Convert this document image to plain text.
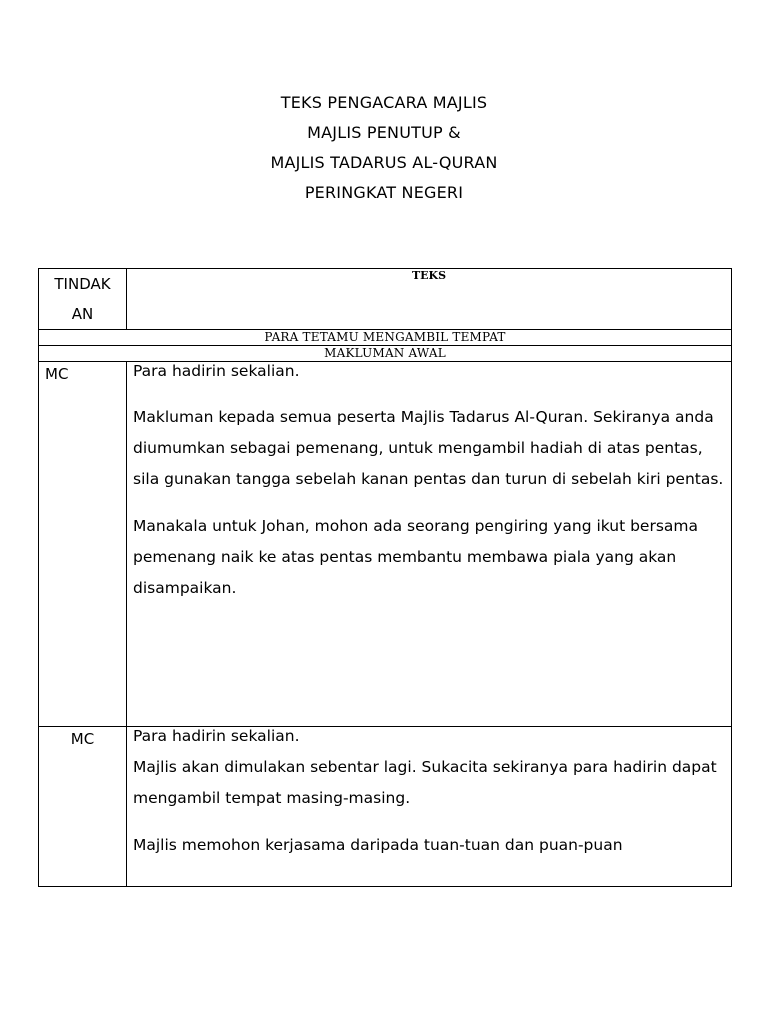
TEKS PENGACARA MAJLIS
MAJLIS PENUTUP &
MAJLIS TADARUS AL-QURAN
PERINGKAT NEGERI
TINDAK
AN	TEKS
PARA TETAMU MENGAMBIL TEMPAT	
MAKLUMAN AWAL	
MC	Para hadirin sekalian.

Makluman kepada semua peserta Majlis Tadarus Al-Quran. Sekiranya anda diumumkan sebagai pemenang, untuk mengambil hadiah di atas pentas, sila gunakan tangga sebelah kanan pentas dan turun di sebelah kiri pentas.

Manakala untuk Johan, mohon ada seorang pengiring yang ikut bersama pemenang naik ke atas pentas membantu membawa piala yang akan disampaikan.

MC	Para hadirin sekalian.

Majlis akan dimulakan sebentar lagi. Sukacita sekiranya para hadirin dapat

mengambil tempat masing-masing.

Majlis memohon kerjasama daripada tuan-tuan dan puan-puan
